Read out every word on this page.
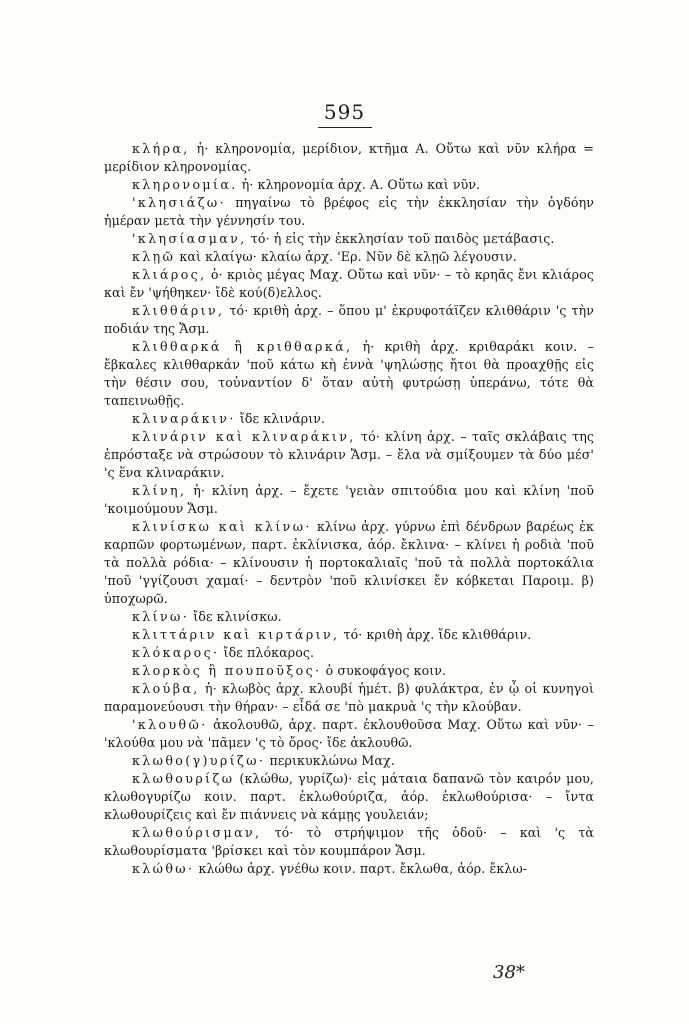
595

κλήρα, ἡ· κληρονομία, μερίδιον, κτῆμα Α. Οὕτω καὶ νῦν κλήρα = μερίδιον κληρονομίας.

κληρονομία. ἡ· κληρονομία ἀρχ. Α. Οὕτω καὶ νῦν.

'κλησιάζω· πηγαίνω τὸ βρέφος εἰς τὴν ἐκκλησίαν τὴν ὀγδόην ἡμέραν μετὰ τὴν γέννησίν του.

'κλησίασμαν, τό· ἡ εἰς τὴν ἐκκλησίαν τοῦ παιδὸς μετάβασις.

κλῃῶ καὶ κλαίγω· κλαίω ἀρχ. 'Ερ. Νῦν δὲ κλῃῶ λέγουσιν.

κλιάρος, ὁ· κριὸς μέγας Μαχ. Οὕτω καὶ νῦν· – τὸ κρηᾶς ἔνι κλιάρος καὶ ἔν 'ψήθηκεν· ἴδὲ κού(δ)ελλος.

κλιθθάριν, τό· κριθὴ ἀρχ. – ὅπου μ' ἐκρυφοτάϊζεν κλιθθάριν 'ς τὴν ποδιάν της Ἄσμ.

κλιθθαρκά ἢ κριθθαρκά, ἡ· κριθὴ ἀρχ. κριθαράκι κοιν. – ἔβκαλες κλιθθαρκάν 'ποῦ κάτω κὴ ἐννὰ 'ψηλώσῃς ἤτοι θὰ προαχθῇς εἰς τὴν θέσιν σου, τοὐναντίον δ' ὅταν αὐτὴ φυτρώσῃ ὑπεράνω, τότε θὰ ταπεινωθῇς.

κλιναράκιν· ἴδε κλινάριν.

κλινάριν καὶ κλιναράκιν, τό· κλίνη ἀρχ. – ταῖς σκλάβαις της ἐπρόσταξε νὰ στρώσουν τὸ κλινάριν Ἄσμ. – ἔλα νὰ σμίξουμεν τὰ δύο μέσ' 'ς ἕνα κλιναράκιν.

κλίνη, ἡ· κλίνη ἀρχ. – ἔχετε 'γειὰν σπιτούδια μου καὶ κλίνη 'ποῦ 'κοιμούμουν Ἄσμ.

κλινίσκω καὶ κλίνω· κλίνω ἀρχ. γύρνω ἐπὶ δένδρων βαρέως ἐκ καρπῶν φορτωμένων, παρτ. ἐκλίνισκα, ἀόρ. ἔκλινα· – κλίνει ἡ ροδιὰ 'ποῦ τὰ πολλὰ ρόδια· – κλίνουσιν ἡ πορτοκαλιαῖς 'ποῦ τὰ πολλὰ πορτοκάλια 'ποῦ 'γγίζουσι χαμαί· – δεντρὸν 'ποῦ κλινίσκει ἔν κόβκεται Παροιμ. β) ὑποχωρῶ.

κλίνω· ἴδε κλινίσκω.

κλιττάριν καὶ κιρτάριν, τό· κριθὴ ἀρχ. ἴδε κλιθθάριν.

κλόκαρος· ἴδε πλόκαρος.

κλορκὸς ἢ πουποῦξος· ὁ συκοφάγος κοιν.

κλούβα, ἡ· κλωβὸς ἀρχ. κλουβί ἡμέτ. β) φυλάκτρα, ἐν ᾧ οἱ κυνηγοὶ παραμονεύουσι τὴν θήραν· – εἶδά σε 'πὸ μακρυὰ 'ς τὴν κλούβαν.

'κλουθῶ· ἀκολουθῶ, ἀρχ. παρτ. ἐκλουθοῦσα Μαχ. Οὕτω καὶ νῦν· – 'κλούθα μου νὰ 'πᾶμεν 'ς τὸ ὄρος· ἴδε ἀκλουθῶ.

κλωθο(γ)υρίζω· περικυκλώνω Μαχ.

κλωθουρίζω (κλώθω, γυρίζω)· εἰς μάταια δαπανῶ τὸν καιρόν μου, κλωθογυρίζω κοιν. παρτ. ἐκλωθούριζα, ἀόρ. ἐκλωθούρισα· – ἴντα κλωθουρίζεις καὶ ἔν πιάννεις νὰ κάμῃς γουλειάν;

κλωθούρισμαν, τό· τὸ στρήψιμον τῆς ὁδοῦ· – καὶ 'ς τὰ κλωθουρίσματα 'βρίσκει καὶ τὸν κουμπάρον Ἄσμ.

κλώθω· κλώθω ἀρχ. γνέθω κοιν. παρτ. ἔκλωθα, ἀόρ. ἔκλω-

38*
